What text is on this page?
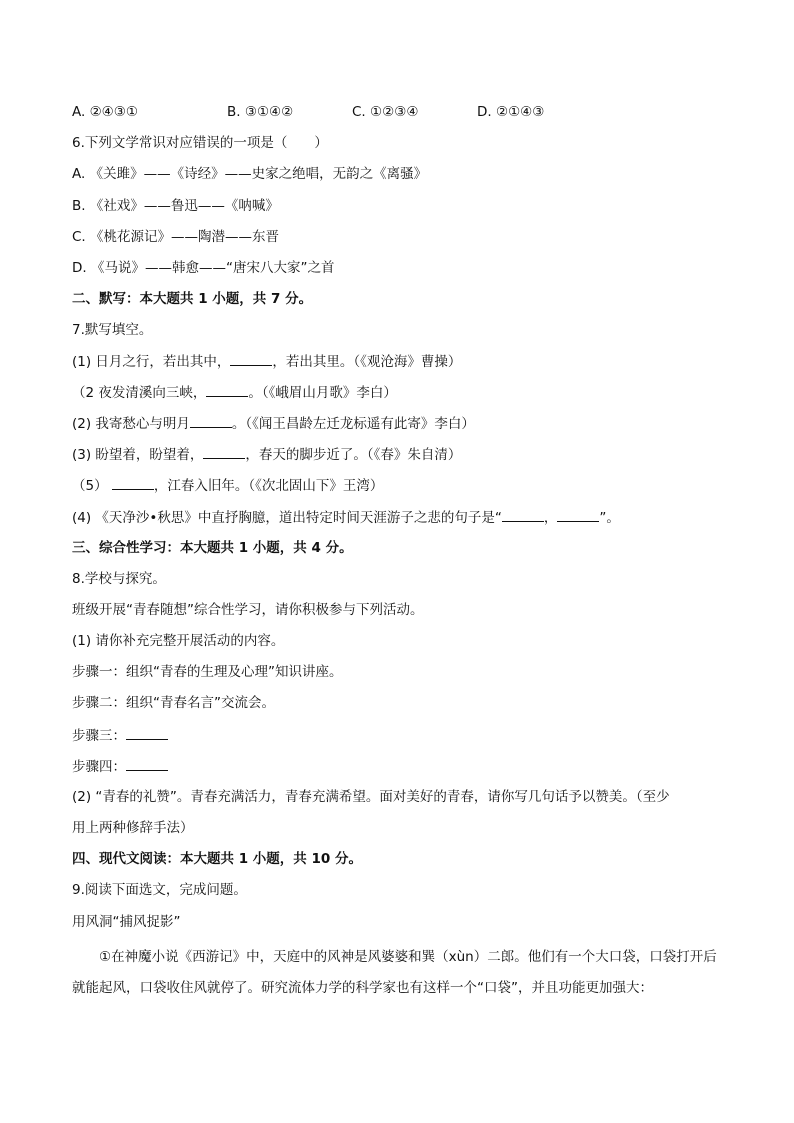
A. ②④③①	B. ③①④②	C. ①②③④	D. ②①④③
6.下列文学常识对应错误的一项是（　　）
A. 《关雎》——《诗经》——史家之绝唱，无韵之《离骚》
B. 《社戏》——鲁迅——《呐喊》
C. 《桃花源记》——陶潜——东晋
D. 《马说》——韩愈——“唐宋八大家”之首
二、默写：本大题共 1 小题，共 7 分。
7.默写填空。
(1) 日月之行，若出其中，	，若出其里。（《观沧海》曹操）
（2 夜发清溪向三峡，	。（《峨眉山月歌》李白）
(2) 我寄愁心与明月	。（《闻王昌龄左迁龙标遥有此寄》李白）
(3) 盼望着，盼望着，	，春天的脚步近了。（《春》朱自清）
（5）	，江春入旧年。（《次北固山下》王湾）
(4) 《天净沙•秋思》中直抒胸臆，道出特定时间天涯游子之悲的句子是“	，	”。
三、综合性学习：本大题共 1 小题，共 4 分。
8.学校与探究。
班级开展“青春随想”综合性学习，请你积极参与下列活动。
(1) 请你补充完整开展活动的内容。
步骤一：组织“青春的生理及心理”知识讲座。
步骤二：组织“青春名言”交流会。
步骤三：
步骤四：
(2) “青春的礼赞”。青春充满活力，青春充满希望。面对美好的青春，请你写几句话予以赞美。（至少
用上两种修辞手法）
四、现代文阅读：本大题共 1 小题，共 10 分。
9.阅读下面选文，完成问题。
用风洞“捕风捉影”
①在神魔小说《西游记》中，天庭中的风神是风婆婆和巽（xùn）二郎。他们有一个大口袋，口袋打开后就能起风，口袋收住风就停了。研究流体力学的科学家也有这样一个“口袋”，并且功能更加强大：
